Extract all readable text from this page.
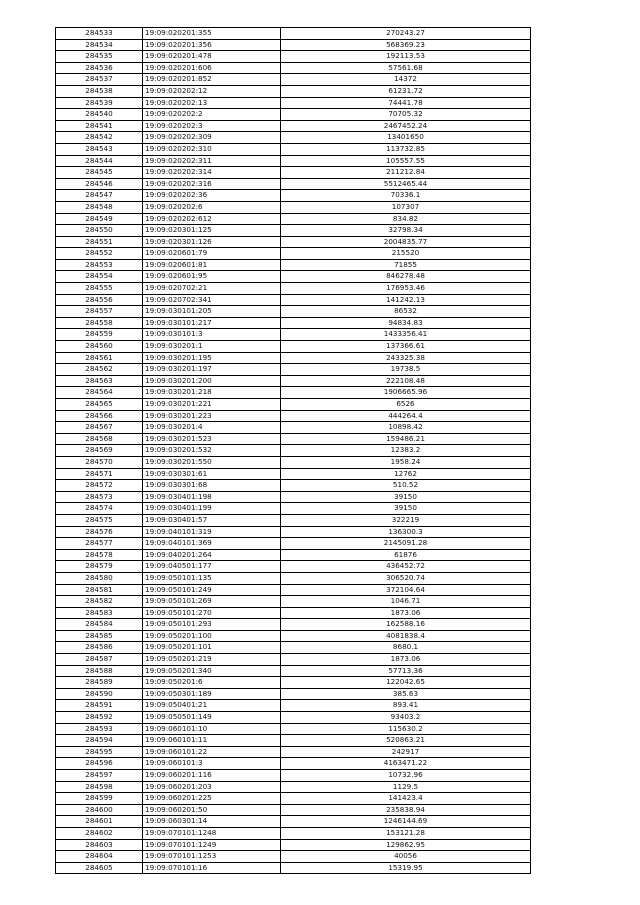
284533	19:09:020201:355	270243.27
284534	19:09:020201:356	568369.23
284535	19:09:020201:478	192113.53
284536	19:09:020201:606	57561.68
284537	19:09:020201:852	14372
284538	19:09:020202:12	61231.72
284539	19:09:020202:13	74441.78
284540	19:09:020202:2	70705.32
284541	19:09:020202:3	2467452.24
284542	19:09:020202:309	13401650
284543	19:09:020202:310	113732.85
284544	19:09:020202:311	105557.55
284545	19:09:020202:314	211212.84
284546	19:09:020202:316	5512465.44
284547	19:09:020202:36	70336.1
284548	19:09:020202:6	107307
284549	19:09:020202:612	834.82
284550	19:09:020301:125	32798.34
284551	19:09:020301:126	2004835.77
284552	19:09:020601:79	215520
284553	19:09:020601:81	71855
284554	19:09:020601:95	846278.48
284555	19:09:020702:21	176953.46
284556	19:09:020702:341	141242.13
284557	19:09:030101:205	86532
284558	19:09:030101:217	94834.83
284559	19:09:030101:3	1433356.41
284560	19:09:030201:1	137366.61
284561	19:09:030201:195	243325.38
284562	19:09:030201:197	19738.5
284563	19:09:030201:200	222108.48
284564	19:09:030201:218	1906665.96
284565	19:09:030201:221	6526
284566	19:09:030201:223	444264.4
284567	19:09:030201:4	10898.42
284568	19:09:030201:523	159486.21
284569	19:09:030201:532	12383.2
284570	19:09:030201:550	1958.24
284571	19:09:030301:61	12762
284572	19:09:030301:68	510.52
284573	19:09:030401:198	39150
284574	19:09:030401:199	39150
284575	19:09:030401:57	322219
284576	19:09:040101:319	136300.3
284577	19:09:040101:369	2145091.28
284578	19:09:040201:264	61876
284579	19:09:040501:177	436452.72
284580	19:09:050101:135	306520.74
284581	19:09:050101:249	372104.64
284582	19:09:050101:269	1046.71
284583	19:09:050101:270	1873.06
284584	19:09:050101:293	162588.16
284585	19:09:050201:100	4081838.4
284586	19:09:050201:101	8680.1
284587	19:09:050201:219	1873.06
284588	19:09:050201:340	57713.36
284589	19:09:050201:6	122042.65
284590	19:09:050301:189	385.63
284591	19:09:050401:21	893.41
284592	19:09:050501:149	93403.2
284593	19:09:060101:10	115630.2
284594	19:09:060101:11	520863.21
284595	19:09:060101:22	242917
284596	19:09:060101:3	4163471.22
284597	19:09:060201:116	10732.96
284598	19:09:060201:203	1129.5
284599	19:09:060201:225	141423.4
284600	19:09:060201:50	235838.94
284601	19:09:060301:14	1246144.69
284602	19:09:070101:1248	153121.28
284603	19:09:070101:1249	129862.95
284604	19:09:070101:1253	40056
284605	19:09:070101:16	15319.95
